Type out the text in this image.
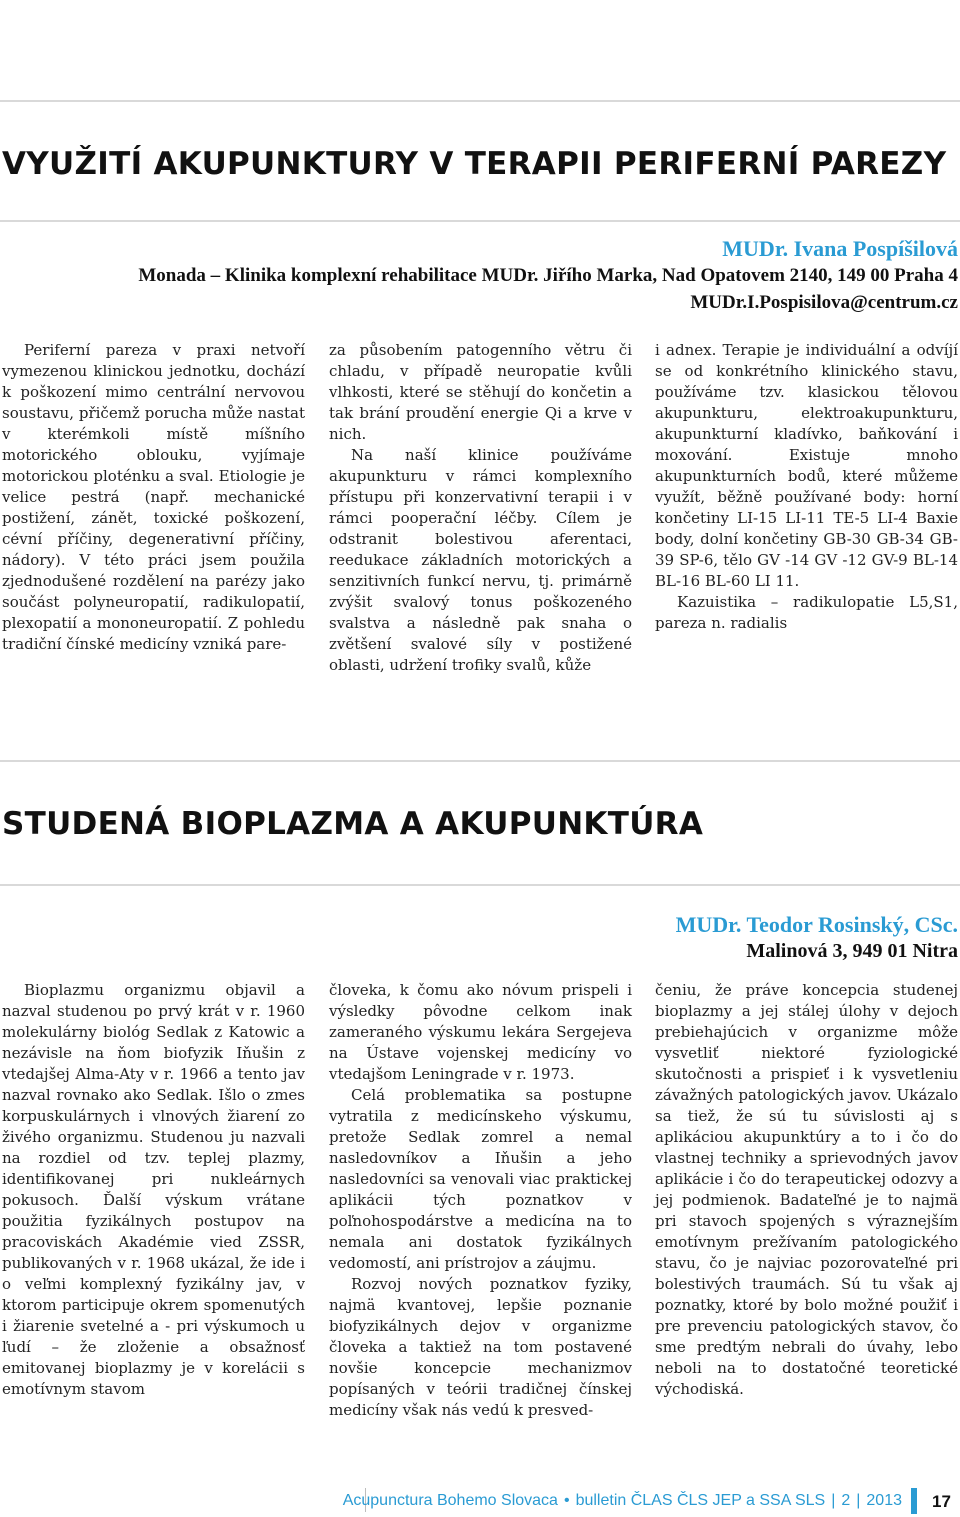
VYUŽITÍ AKUPUNKTURY V TERAPII PERIFERNÍ PAREZY
MUDr. Ivana Pospíšilová
Monada – Klinika komplexní rehabilitace MUDr. Jiřího Marka, Nad Opatovem 2140, 149 00 Praha 4
MUDr.I.Pospisilova@centrum.cz

Periferní pareza v praxi netvoří vymezenou klinickou jednotku, dochází k poškození mimo centrální nervovou soustavu, přičemž porucha může nastat v kterémkoli místě míšního motorického oblouku, vyjímaje motorickou ploténku a sval. Etiologie je velice pestrá (např. mechanické postižení, zánět, toxické poškození, cévní příčiny, degenerativní příčiny, nádory). V této práci jsem použila zjednodušené rozdělení na parézy jako součást polyneuropatií, radikulopatií, plexopatií a mononeuropatií. Z pohledu tradiční čínské medicíny vzniká pare-

za působením patogenního větru či chladu, v případě neuropatie kvůli vlhkosti, které se stěhují do končetin a tak brání proudění energie Qi a krve v nich.

Na naší klinice používáme akupunkturu v rámci komplexního přístupu při konzervativní terapii i v rámci pooperační léčby. Cílem je odstranit bolestivou aferentaci, reedukace základních motorických a senzitivních funkcí nervu, tj. primárně zvýšit svalový tonus poškozeného svalstva a následně pak snaha o zvětšení svalové síly v postižené oblasti, udržení trofiky svalů, kůže

i adnex. Terapie je individuální a odvíjí se od konkrétního klinického stavu, používáme tzv. klasickou tělovou akupunkturu, elektroakupunkturu, akupunkturní kladívko, baňkování i moxování. Existuje mnoho akupunkturních bodů, které můžeme využít, běžně používané body: horní končetiny LI-15 LI-11 TE-5 LI-4 Baxie body, dolní končetiny GB-30 GB-34 GB-39 SP-6, tělo GV -14 GV -12 GV-9 BL-14 BL-16 BL-60 LI 11.

Kazuistika – radikulopatie L5,S1, pareza n. radialis

STUDENÁ BIOPLAZMA A AKUPUNKTÚRA
MUDr. Teodor Rosinský, CSc.
Malinová 3, 949 01 Nitra

Bioplazmu organizmu objavil a nazval studenou po prvý krát v r. 1960 molekulárny biológ Sedlak z Katowic a nezávisle na ňom biofyzik Iňušin z vtedajšej Alma-Aty v r. 1966 a tento jav nazval rovnako ako Sedlak. Išlo o zmes korpuskulárnych i vlnových žiarení zo živého organizmu. Studenou ju nazvali na rozdiel od tzv. teplej plazmy, identifikovanej pri nukleárnych pokusoch. Ďalší výskum vrátane použitia fyzikálnych postupov na pracoviskách Akadémie vied ZSSR, publikovaných v r. 1968 ukázal, že ide i o veľmi komplexný fyzikálny jav, v ktorom participuje okrem spomenutých i žiarenie svetelné a - pri výskumoch u ľudí – že zloženie a obsažnosť emitovanej bioplazmy je v korelácii s emotívnym stavom

človeka, k čomu ako nóvum prispeli i výsledky pôvodne celkom inak zameraného výskumu lekára Sergejeva na Ústave vojenskej medicíny vo vtedajšom Leningrade v r. 1973.

Celá problematika sa postupne vytratila z medicínskeho výskumu, pretože Sedlak zomrel a nemal nasledovníkov a Iňušin a jeho nasledovníci sa venovali viac praktickej aplikácii tých poznatkov v poľnohospodárstve a medicína na to nemala ani dostatok fyzikálnych vedomostí, ani prístrojov a záujmu.

Rozvoj nových poznatkov fyziky, najmä kvantovej, lepšie poznanie biofyzikálnych dejov v organizme človeka a taktiež na tom postavené novšie koncepcie mechanizmov popísaných v teórii tradičnej čínskej medicíny však nás vedú k presved-

čeniu, že práve koncepcia studenej bioplazmy a jej stálej úlohy v dejoch prebiehajúcich v organizme môže vysvetliť niektoré fyziologické skutočnosti a prispieť i k vysvetleniu závažných patologických javov. Ukázalo sa tiež, že sú tu súvislosti aj s aplikáciou akupunktúry a to i čo do vlastnej techniky a sprievodných javov aplikácie i čo do terapeutickej odozvy a jej podmienok. Badateľné je to najmä pri stavoch spojených s výraznejším emotívnym prežívaním patologického stavu, čo je najviac pozorovateľné pri bolestivých traumách. Sú tu však aj poznatky, ktoré by bolo možné použiť i pre prevenciu patologických stavov, čo sme predtým nebrali do úvahy, lebo neboli na to dostatočné teoretické východiská.

Acupunctura Bohemo Slovaca • bulletin ČLAS ČLS JEP a SSA SLS | 2 | 2013 17
